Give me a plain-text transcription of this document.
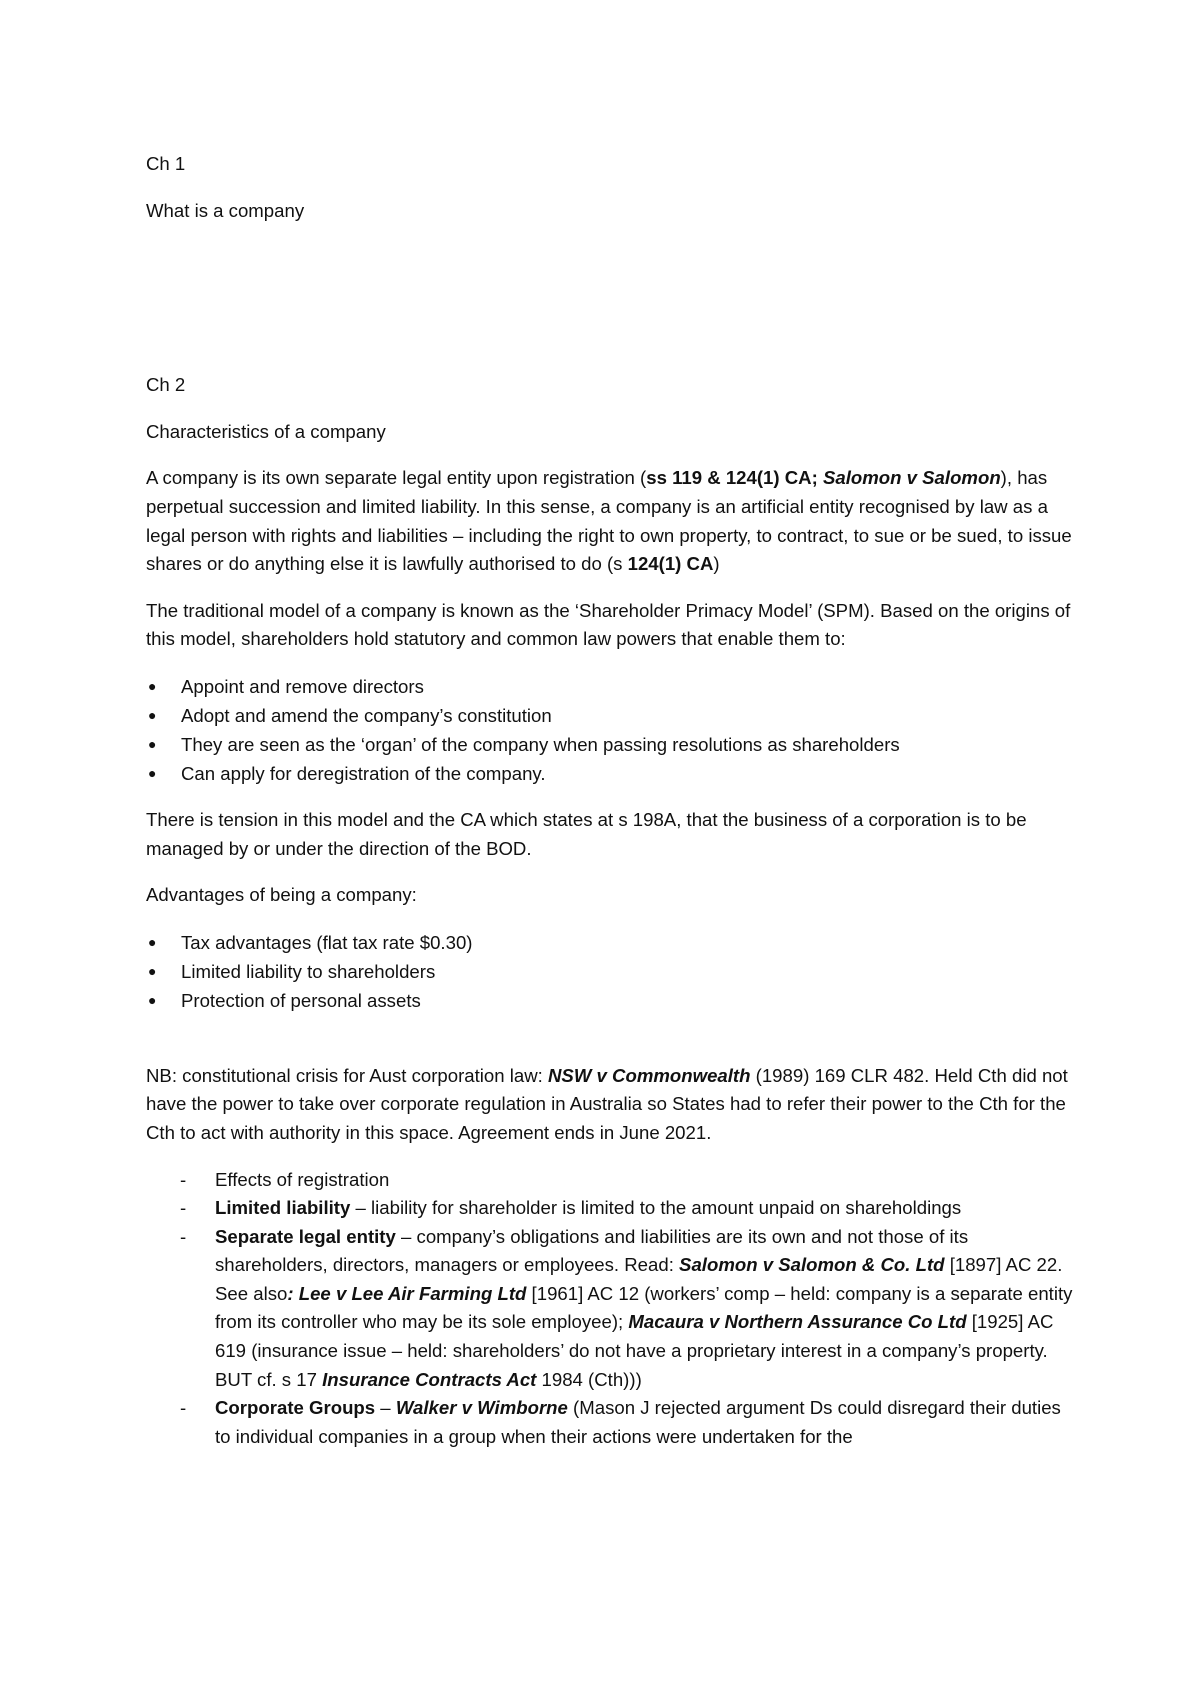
Ch 1

What is a company

Ch 2

Characteristics of a company

A company is its own separate legal entity upon registration (ss 119 & 124(1) CA; Salomon v Salomon), has perpetual succession and limited liability. In this sense, a company is an artificial entity recognised by law as a legal person with rights and liabilities – including the right to own property, to contract, to sue or be sued, to issue shares or do anything else it is lawfully authorised to do (s 124(1) CA)

The traditional model of a company is known as the ‘Shareholder Primacy Model’ (SPM). Based on the origins of this model, shareholders hold statutory and common law powers that enable them to:

● Appoint and remove directors
● Adopt and amend the company’s constitution
● They are seen as the ‘organ’ of the company when passing resolutions as shareholders
● Can apply for deregistration of the company.

There is tension in this model and the CA which states at s 198A, that the business of a corporation is to be managed by or under the direction of the BOD.

Advantages of being a company:

● Tax advantages (flat tax rate $0.30)
● Limited liability to shareholders
● Protection of personal assets

NB: constitutional crisis for Aust corporation law: NSW v Commonwealth (1989) 169 CLR 482. Held Cth did not have the power to take over corporate regulation in Australia so States had to refer their power to the Cth for the Cth to act with authority in this space. Agreement ends in June 2021.

- Effects of registration
- Limited liability – liability for shareholder is limited to the amount unpaid on shareholdings
- Separate legal entity – company’s obligations and liabilities are its own and not those of its shareholders, directors, managers or employees. Read: Salomon v Salomon & Co. Ltd [1897] AC 22. See also: Lee v Lee Air Farming Ltd [1961] AC 12 (workers’ comp – held: company is a separate entity from its controller who may be its sole employee); Macaura v Northern Assurance Co Ltd [1925] AC 619 (insurance issue – held: shareholders’ do not have a proprietary interest in a company’s property. BUT cf. s 17 Insurance Contracts Act 1984 (Cth)))
- Corporate Groups – Walker v Wimborne (Mason J rejected argument Ds could disregard their duties to individual companies in a group when their actions were undertaken for the
